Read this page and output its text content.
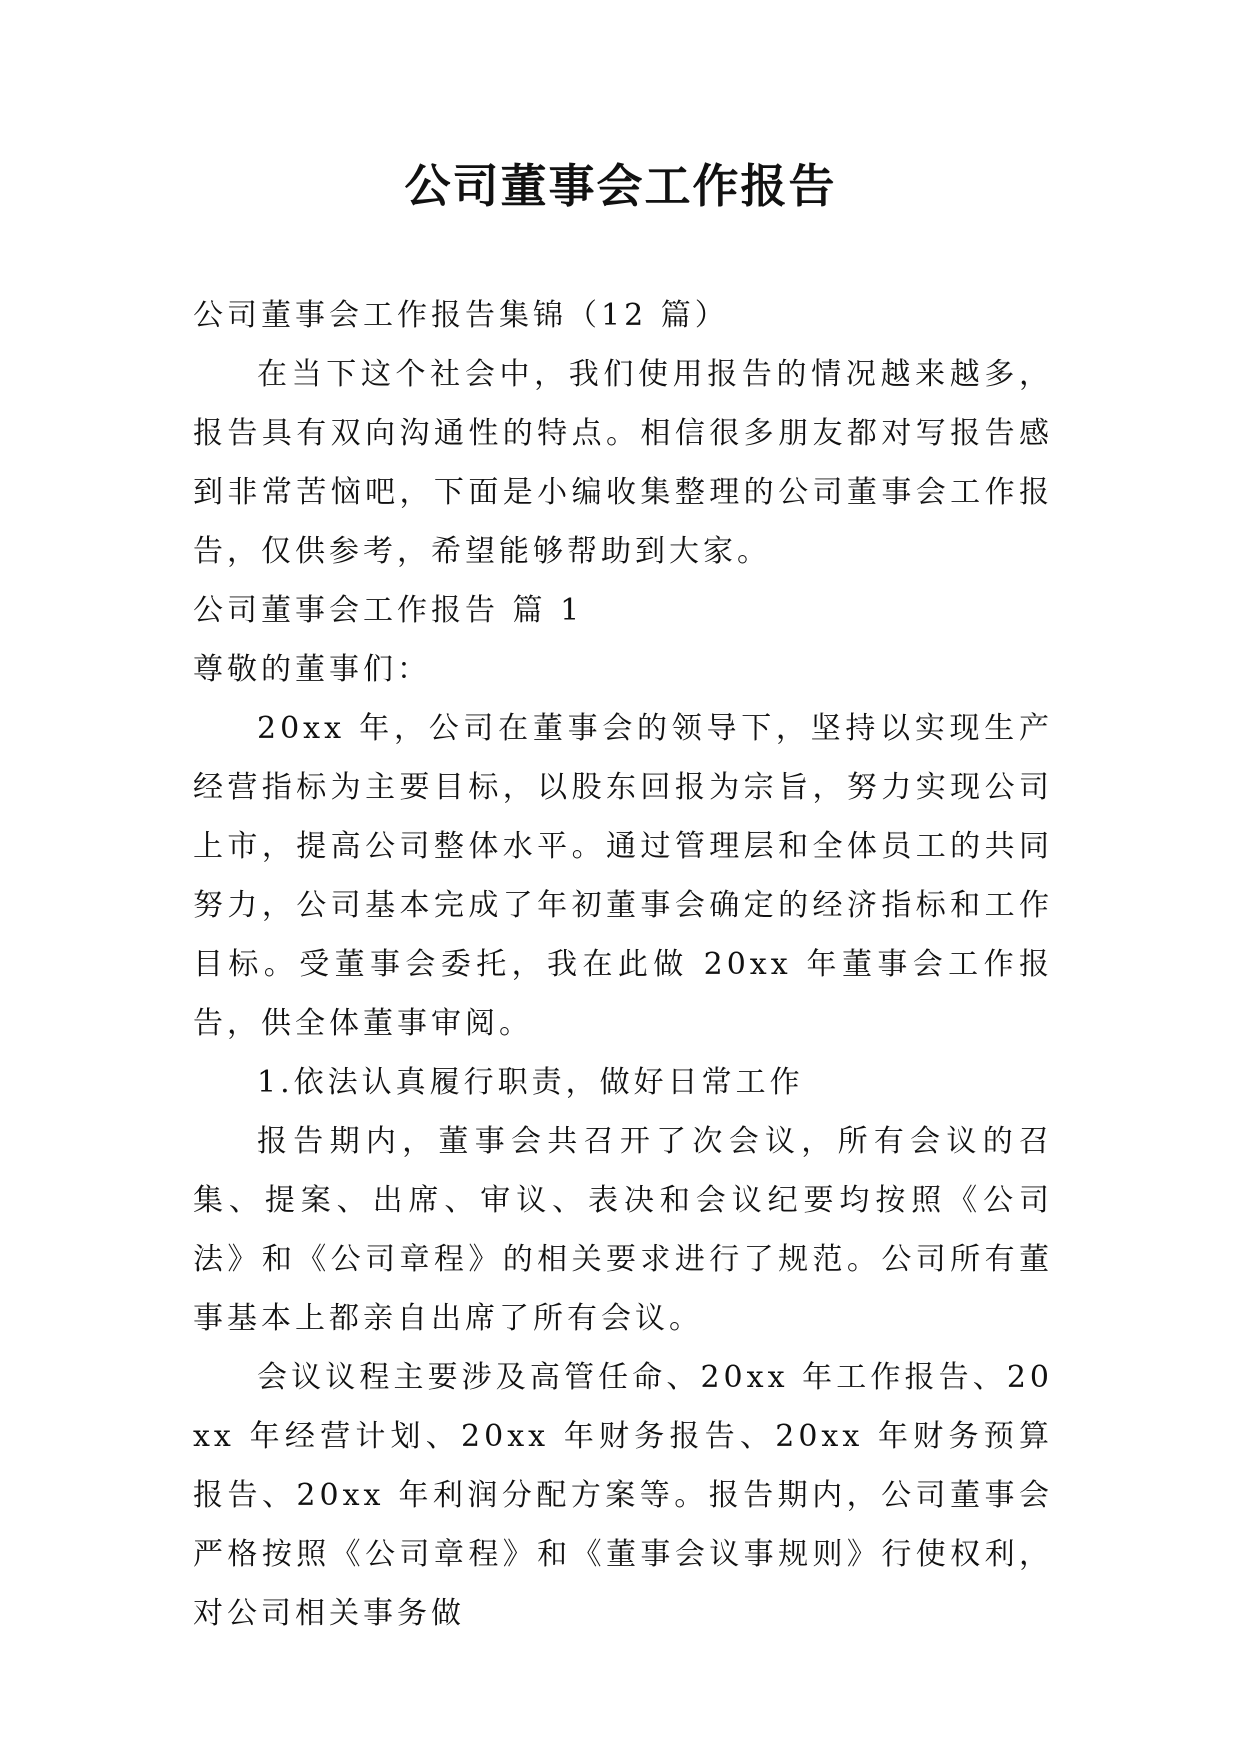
公司董事会工作报告

公司董事会工作报告集锦（12 篇）

在当下这个社会中，我们使用报告的情况越来越多，报告具有双向沟通性的特点。相信很多朋友都对写报告感到非常苦恼吧，下面是小编收集整理的公司董事会工作报告，仅供参考，希望能够帮助到大家。

公司董事会工作报告 篇 1

尊敬的董事们：

20xx 年，公司在董事会的领导下，坚持以实现生产经营指标为主要目标，以股东回报为宗旨，努力实现公司上市，提高公司整体水平。通过管理层和全体员工的共同努力，公司基本完成了年初董事会确定的经济指标和工作目标。受董事会委托，我在此做 20xx 年董事会工作报告，供全体董事审阅。

1.依法认真履行职责，做好日常工作

报告期内，董事会共召开了次会议，所有会议的召集、提案、出席、审议、表决和会议纪要均按照《公司法》和《公司章程》的相关要求进行了规范。公司所有董事基本上都亲自出席了所有会议。

会议议程主要涉及高管任命、20xx 年工作报告、20xx 年经营计划、20xx 年财务报告、20xx 年财务预算报告、20xx 年利润分配方案等。报告期内，公司董事会严格按照《公司章程》和《董事会议事规则》行使权利，对公司相关事务做
